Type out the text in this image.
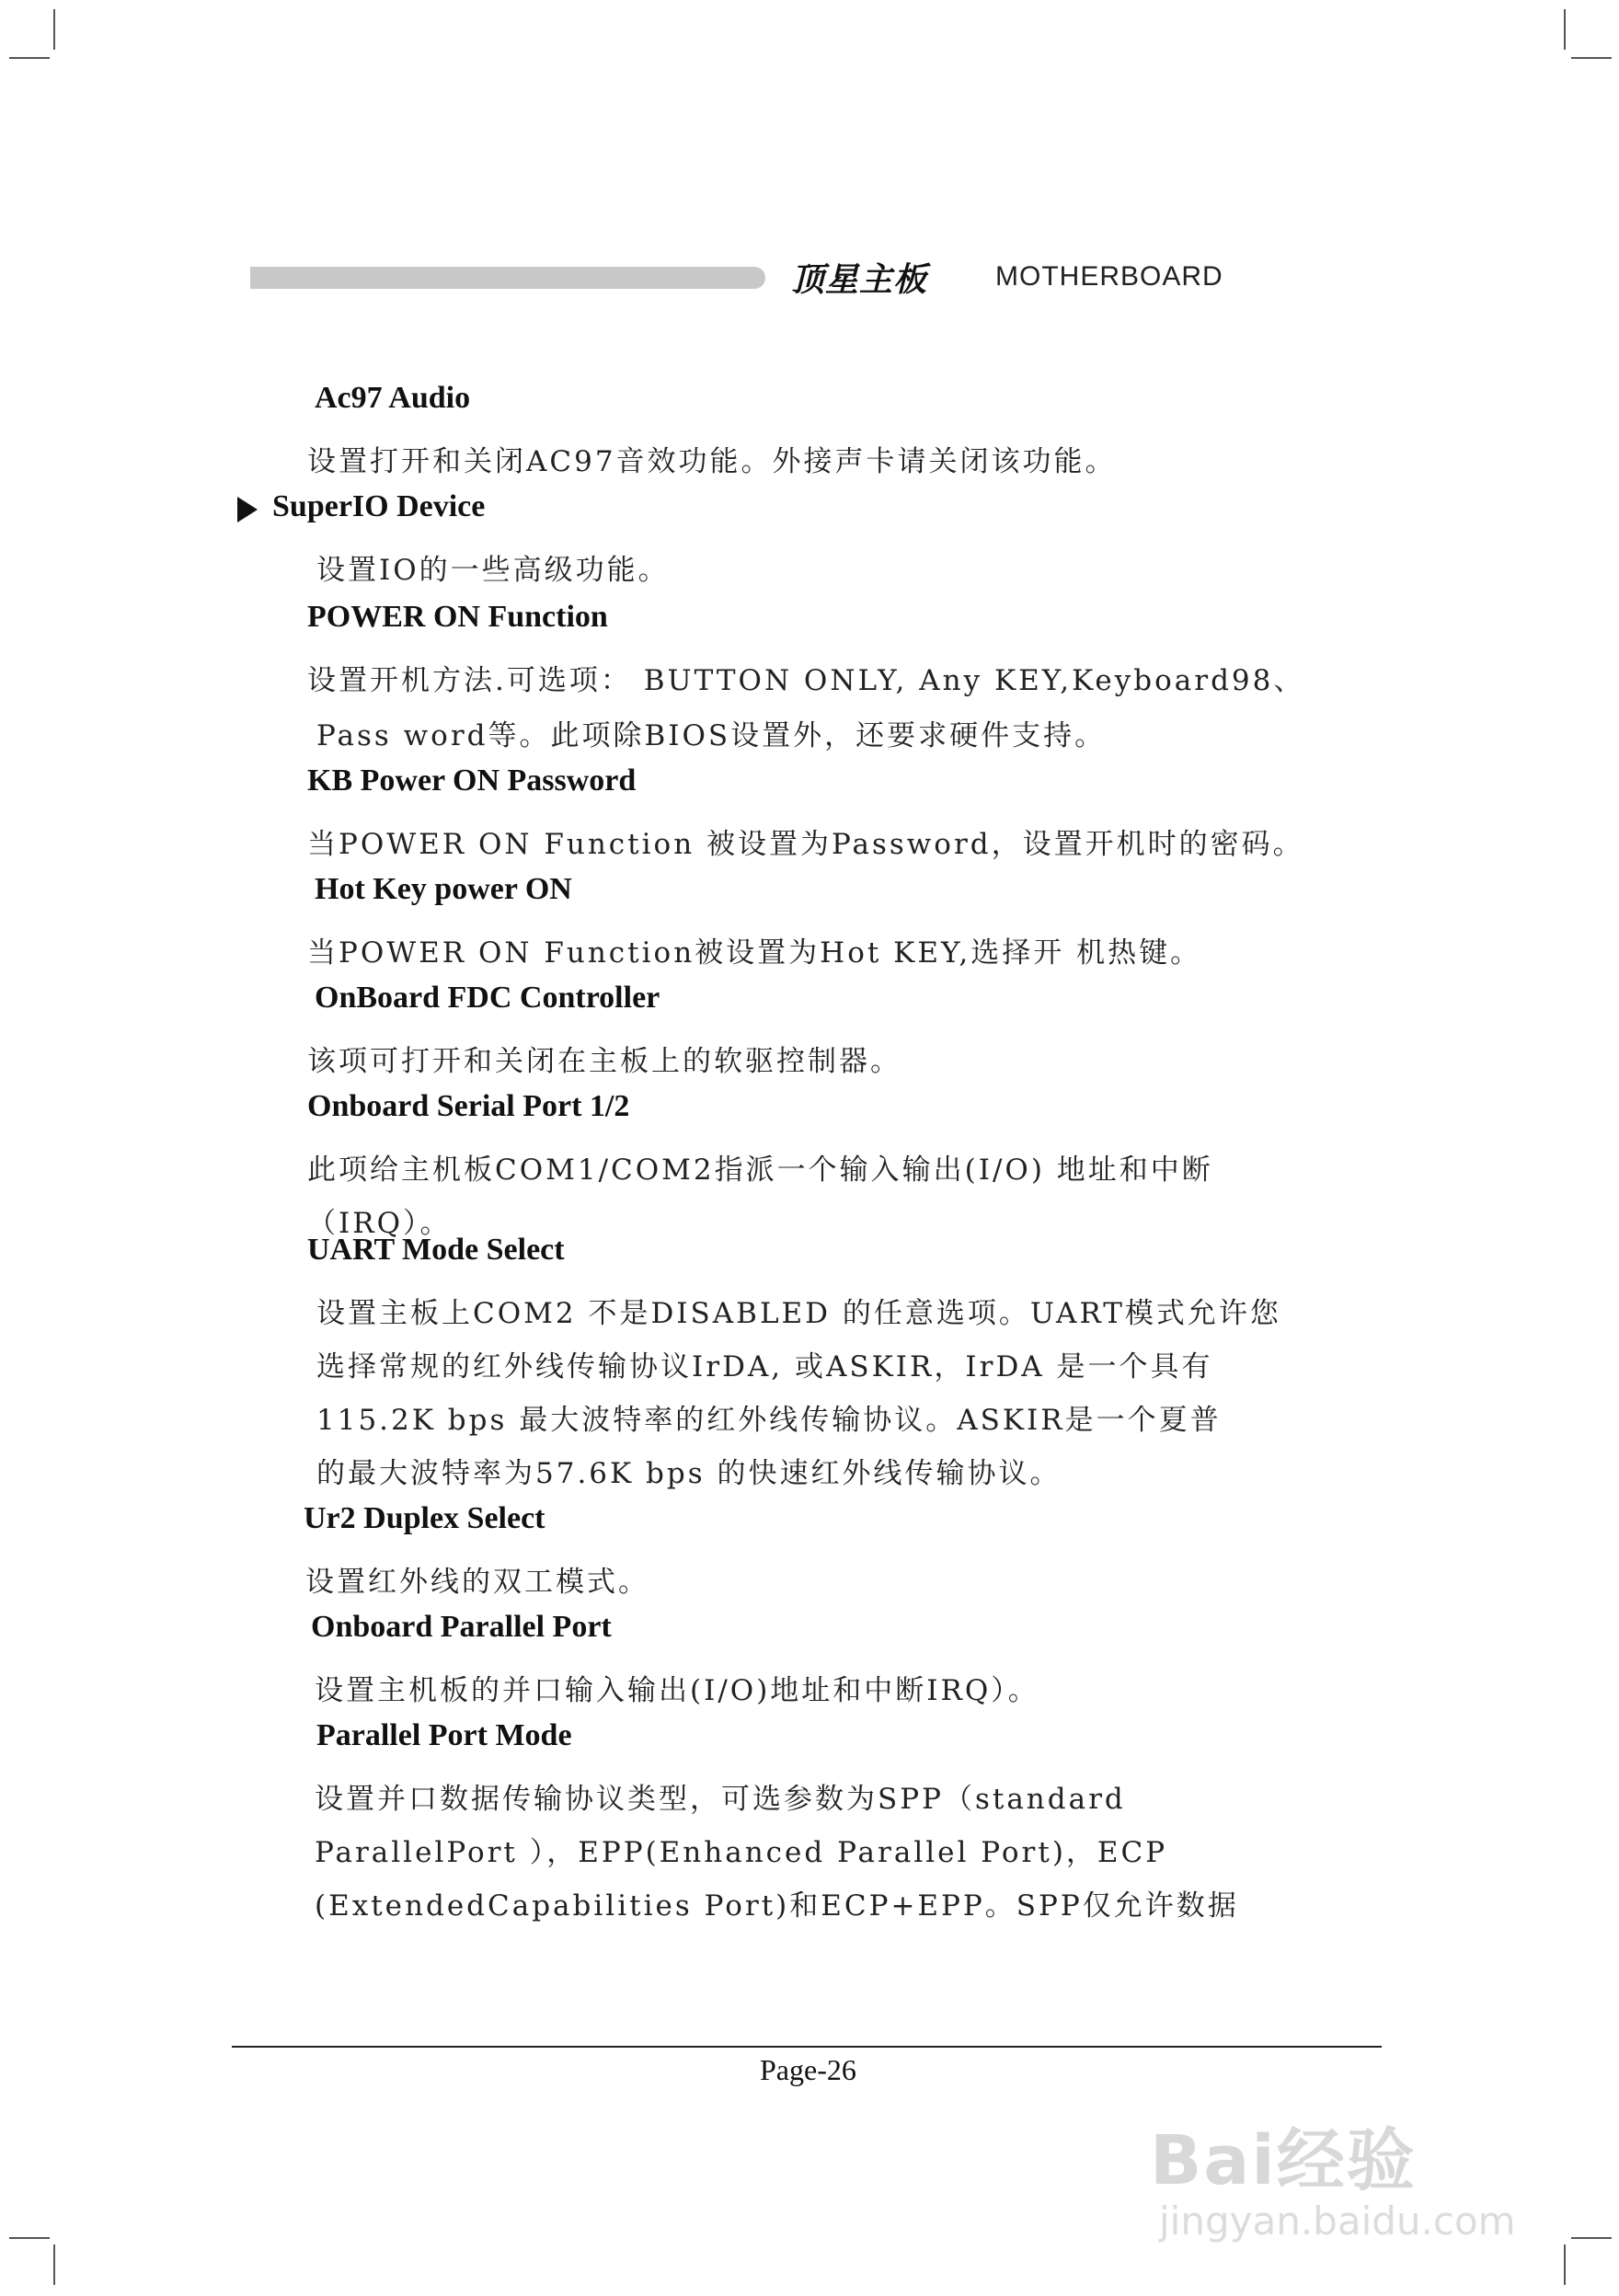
顶星主板 MOTHERBOARD
Ac97 Audio
设置打开和关闭AC97音效功能。外接声卡请关闭该功能。
SuperIO Device
设置IO的一些高级功能。
POWER ON Function
设置开机方法.可选项： BUTTON ONLY, Any KEY,Keyboard98、
Pass word等。此项除BIOS设置外，还要求硬件支持。
KB Power ON Password
当POWER ON Function 被设置为Password，设置开机时的密码。
Hot Key power ON
当POWER ON Function被设置为Hot KEY,选择开 机热键。
OnBoard FDC Controller
该项可打开和关闭在主板上的软驱控制器。
Onboard Serial Port 1/2
此项给主机板COM1/COM2指派一个输入输出(I/O) 地址和中断
（IRQ）。
UART Mode Select
设置主板上COM2 不是DISABLED 的任意选项。UART模式允许您
选择常规的红外线传输协议IrDA, 或ASKIR，IrDA 是一个具有
115.2K bps 最大波特率的红外线传输协议。ASKIR是一个夏普
的最大波特率为57.6K bps 的快速红外线传输协议。
Ur2 Duplex Select
设置红外线的双工模式。
Onboard Parallel Port
设置主机板的并口输入输出(I/O)地址和中断IRQ）。
Parallel Port Mode
设置并口数据传输协议类型，可选参数为SPP（standard
ParallelPort ），EPP(Enhanced Parallel Port)，ECP
(ExtendedCapabilities Port)和ECP+EPP。SPP仅允许数据
Page-26
Bai经验
jingyan.baidu.com
